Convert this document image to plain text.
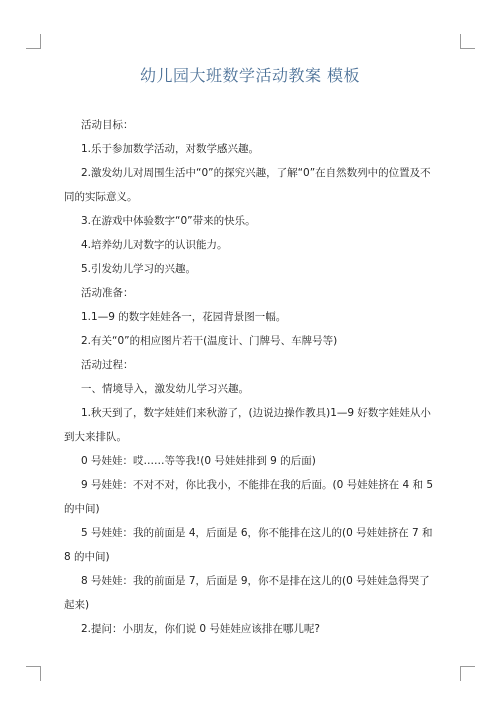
幼儿园大班数学活动教案 模板

活动目标：

1.乐于参加数学活动，对数学感兴趣。

2.激发幼儿对周围生活中“0”的探究兴趣，了解“0”在自然数列中的位置及不同的实际意义。

3.在游戏中体验数字“0”带来的快乐。

4.培养幼儿对数字的认识能力。

5.引发幼儿学习的兴趣。

活动准备：

1.1—9 的数字娃娃各一，花园背景图一幅。

2.有关“0”的相应图片若干(温度计、门牌号、车牌号等)

活动过程：

一、情境导入，激发幼儿学习兴趣。

1.秋天到了，数字娃娃们来秋游了，(边说边操作教具)1—9 好数字娃娃从小到大来排队。

0 号娃娃：哎……等等我!(0 号娃娃排到 9 的后面)

9 号娃娃：不对不对，你比我小，不能排在我的后面。(0 号娃娃挤在 4 和 5 的中间)

5 号娃娃：我的前面是 4，后面是 6，你不能排在这儿的(0 号娃娃挤在 7 和 8 的中间)

8 号娃娃：我的前面是 7，后面是 9，你不是排在这儿的(0 号娃娃急得哭了起来)

2.提问：小朋友，你们说 0 号娃娃应该排在哪儿呢?
